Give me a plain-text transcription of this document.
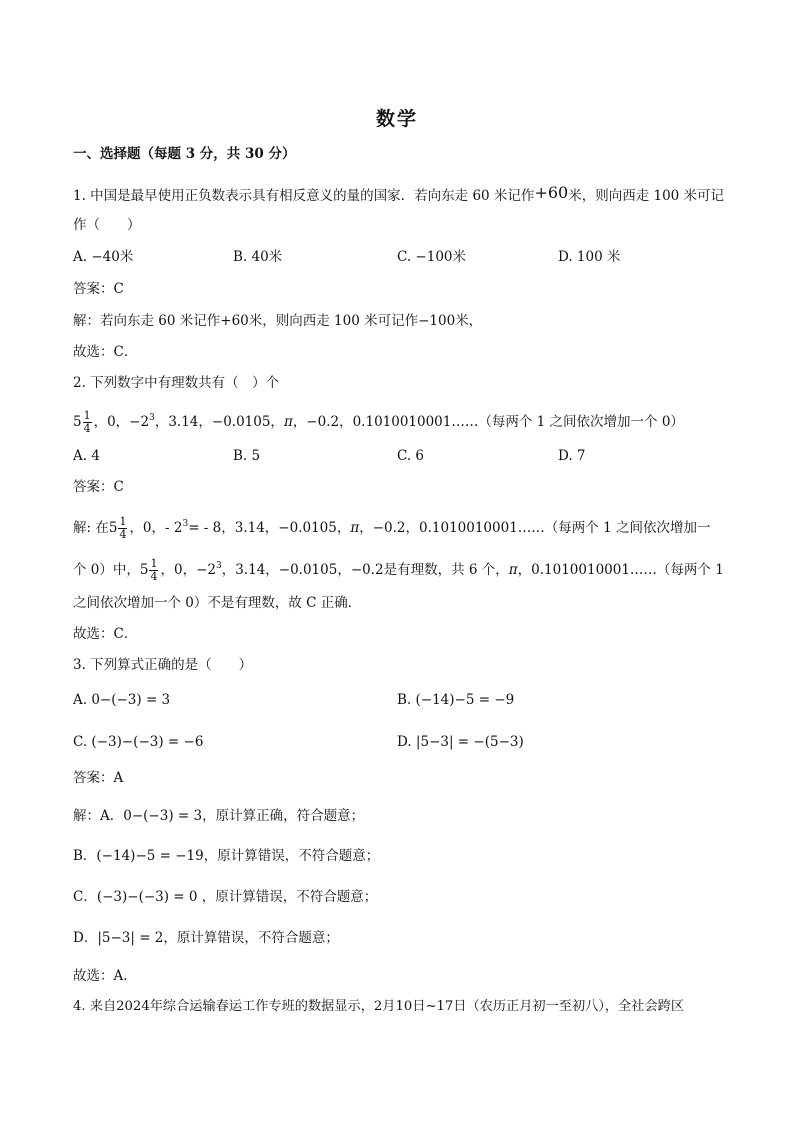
数学
一、选择题（每题 3 分，共 30 分）
1. 中国是最早使用正负数表示具有相反意义的量的国家．若向东走 60 米记作+60米，则向西走 100 米可记
作（　　）
A. −40米	B. 40米	C. −100米	D. 100 米
答案：C
解：若向东走 60 米记作+60米，则向西走 100 米可记作−100米，
故选：C．
2. 下列数字中有理数共有（　）个
$5 \frac{1}{4}$ ，0，$-2^3$，3.14，−0.0105，π，−0.2，0.1010010001……（每两个 1 之间依次增加一个 0）
A. 4	B. 5	C. 6	D. 7
答案：C
解: 在$5 \frac{1}{4}$ ，0，- $2^3= - 8$，3.14，−0.0105，π，−0.2，0.1010010001……（每两个 1 之间依次增加一
个 0）中，$5 \frac{1}{4}$ ，0，$-2^3$，3.14，−0.0105，−0.2是有理数，共 6 个，π，0.1010010001……（每两个 1
之间依次增加一个 0）不是有理数，故 C 正确．
故选：C．
3. 下列算式正确的是（　　）
A. 0−(−3) = 3	B. (−14)−5 = −9
C. (−3)−(−3) = −6	D. |5−3| = −(5−3)
答案：A
解：A．0−(−3) = 3，原计算正确，符合题意；
B．(−14)−5 = −19，原计算错误，不符合题意；
C．(−3)−(−3) = 0 ，原计算错误，不符合题意；
D．|5−3| = 2，原计算错误，不符合题意；
故选：A．
4. 来自2024年综合运输春运工作专班的数据显示，2月10日~17日（农历正月初一至初八），全社会跨区
